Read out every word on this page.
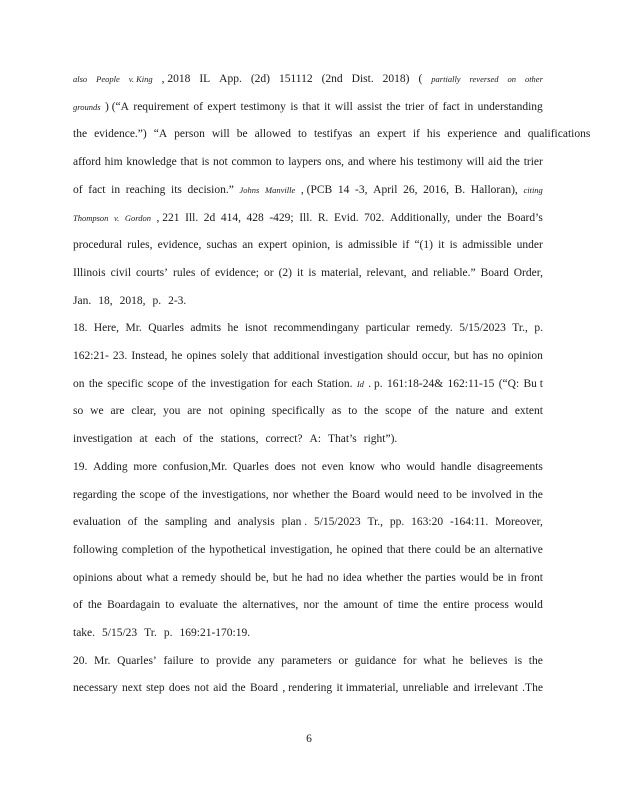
also People v. King , 2018 IL App. (2d) 151112 (2nd Dist. 2018) ( partially reversed on other
grounds ) (“A requirement of expert testimony is that it will assist the trier of fact in understanding
the evidence.”) “A person will be allowed to testifyas an expert if his experience and qualifications
afford him knowledge that is not common to laypers ons, and where his testimony will aid the trier
of fact in reaching its decision.” Johns Manville , (PCB 14 -3, April 26, 2016, B. Halloran), citing
Thompson v. Gordon , 221 Ill. 2d 414, 428 -429; Ill. R. Evid. 702. Additionally, under the Board’s
procedural rules, evidence, suchas an expert opinion, is admissible if “(1) it is admissible under
Illinois civil courts’ rules of evidence; or (2) it is material, relevant, and reliable.” Board Order,
Jan. 18, 2018, p. 2-3.
18. Here, Mr. Quarles admits he isnot recommendingany particular remedy. 5/15/2023 Tr., p.
162:21- 23. Instead, he opines solely that additional investigation should occur, but has no opinion
on the specific scope of the investigation for each Station. Id . p. 161:18-24& 162:11-15 (“Q: Bu t
so we are clear, you are not opining specifically as to the scope of the nature and extent
investigation at each of the stations, correct? A: That’s right”).
19. Adding more confusion,Mr. Quarles does not even know who would handle disagreements
regarding the scope of the investigations, nor whether the Board would need to be involved in the
evaluation of the sampling and analysis plan . 5/15/2023 Tr., pp. 163:20 -164:11. Moreover,
following completion of the hypothetical investigation, he opined that there could be an alternative
opinions about what a remedy should be, but he had no idea whether the parties would be in front
of the Boardagain to evaluate the alternatives, nor the amount of time the entire process would
take. 5/15/23 Tr. p. 169:21-170:19.
20. Mr. Quarles’ failure to provide any parameters or guidance for what he believes is the
necessary next step does not aid the Board , rendering it immaterial, unreliable and irrelevant .The
6
